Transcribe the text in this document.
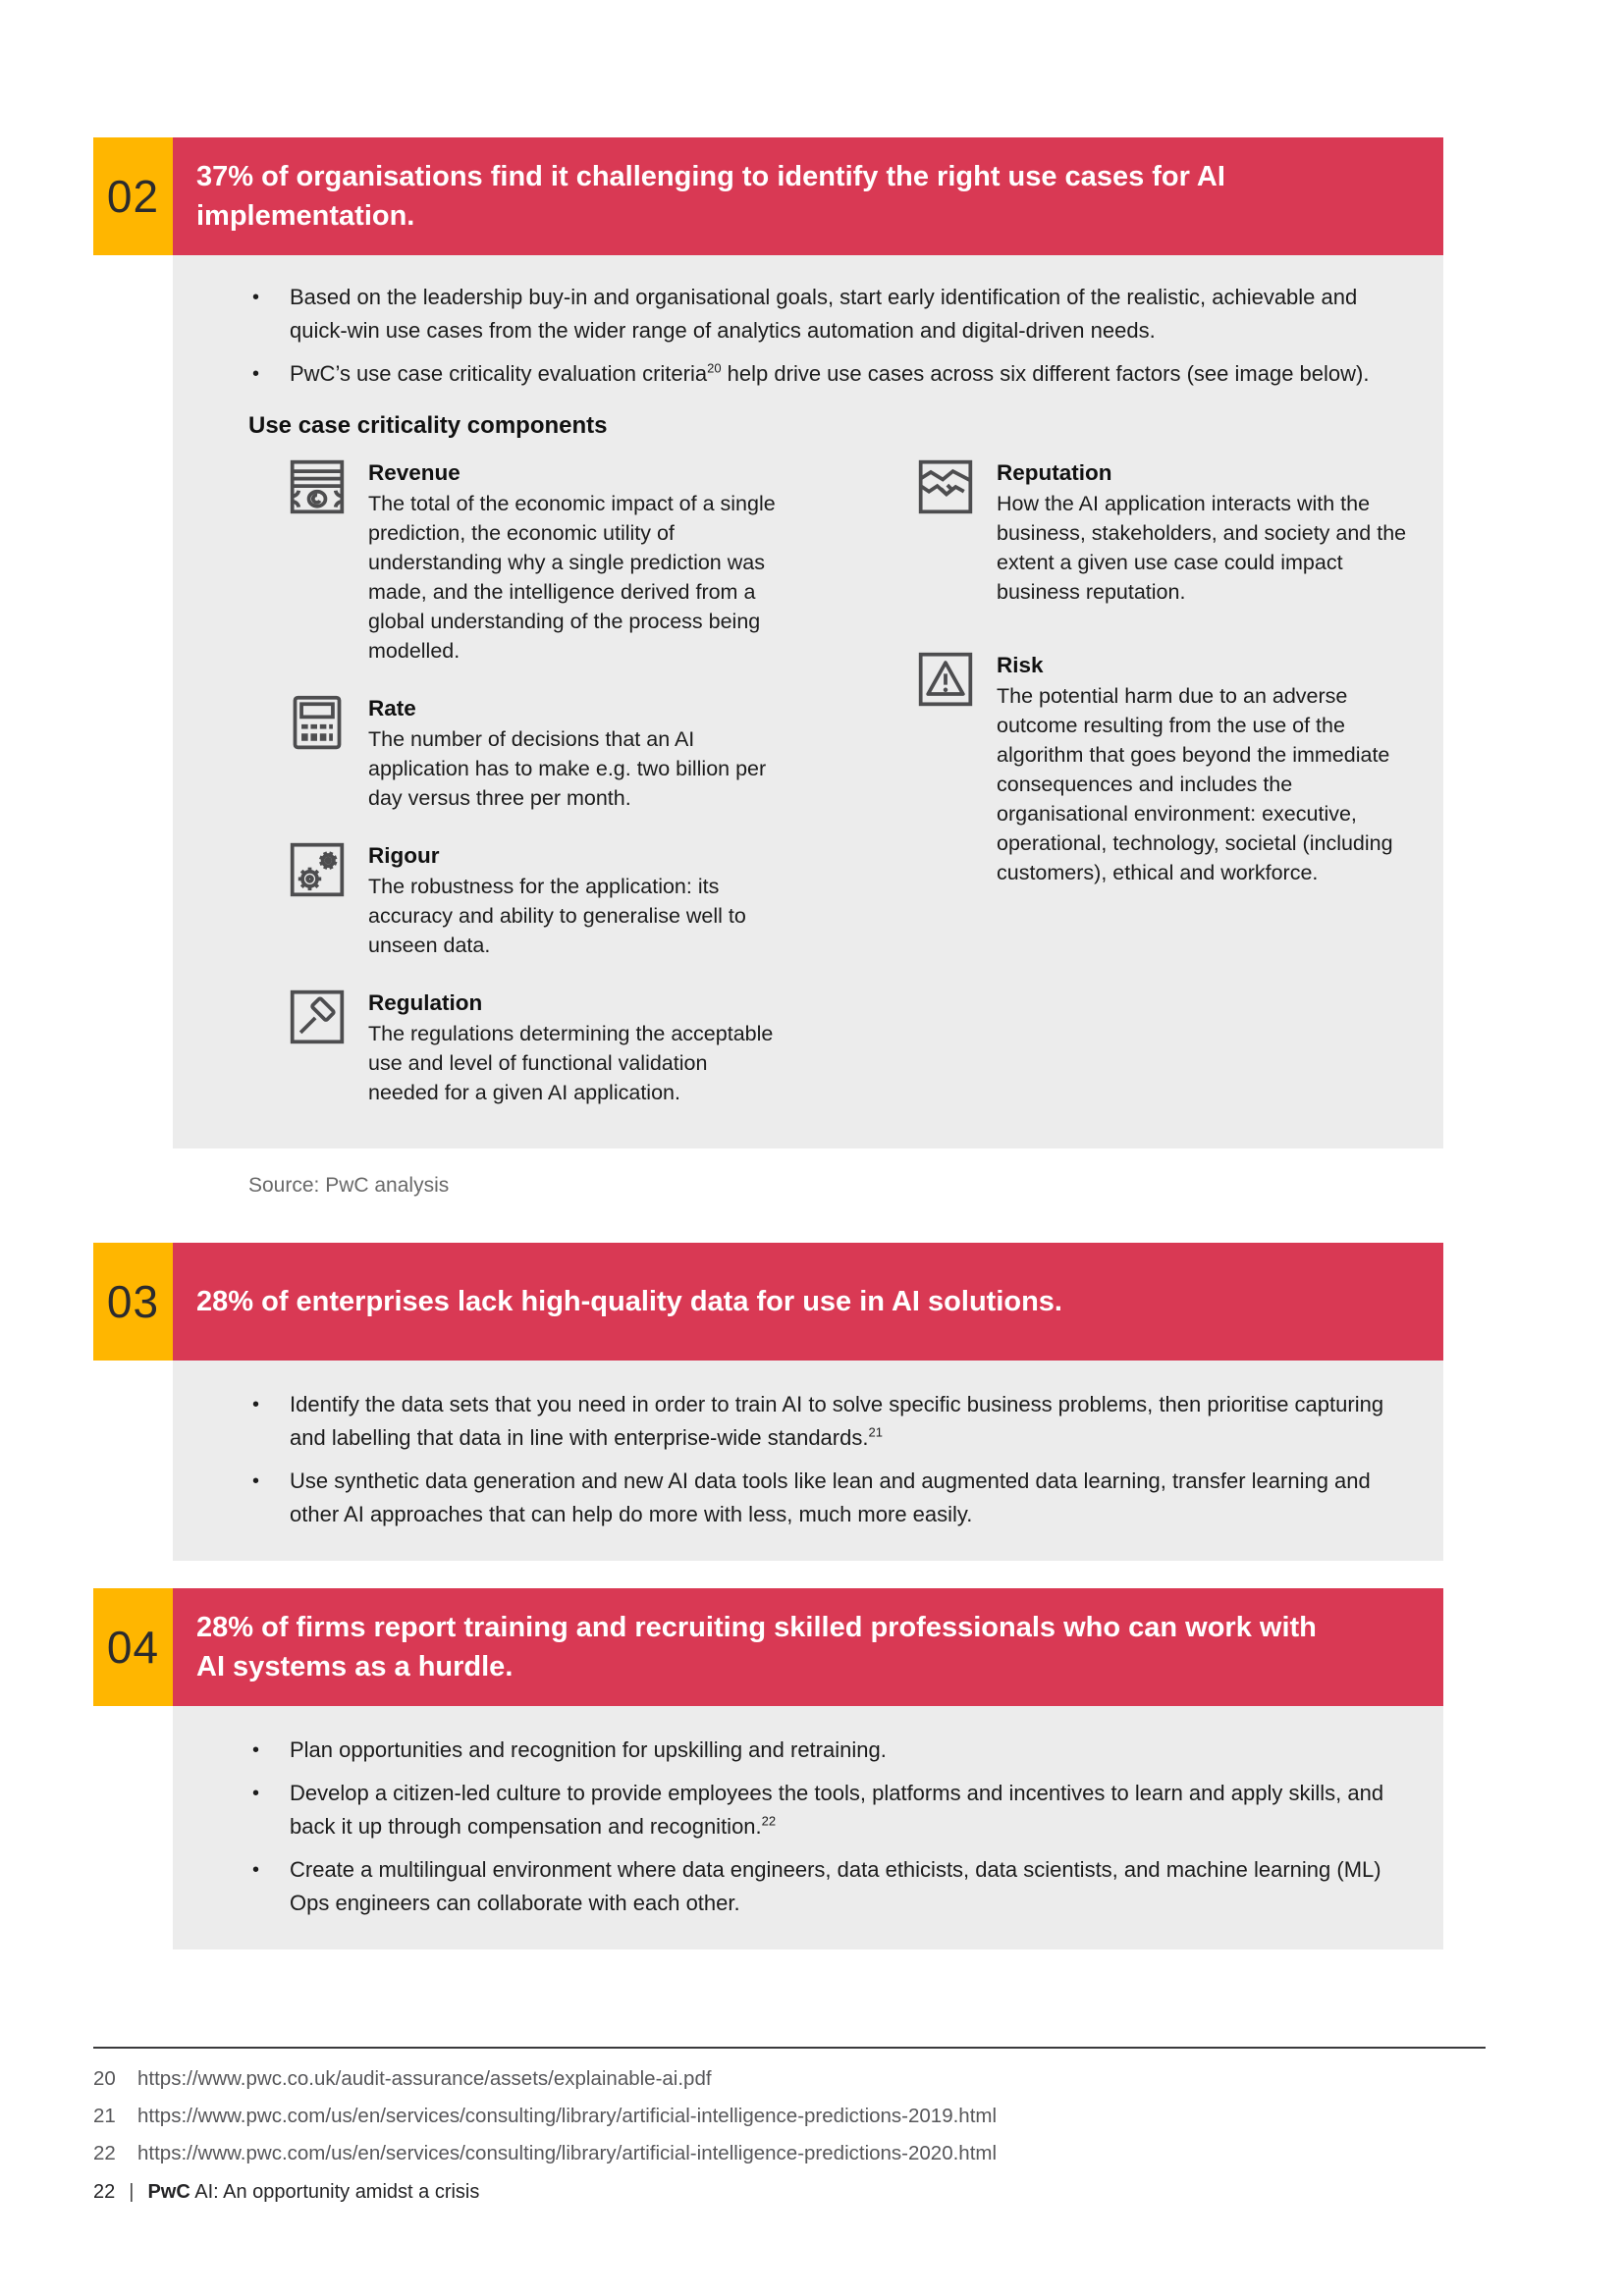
02	37% of organisations find it challenging to identify the right use cases for AI implementation.
• Based on the leadership buy-in and organisational goals, start early identification of the realistic, achievable and quick-win use cases from the wider range of analytics automation and digital-driven needs.
• PwC’s use case criticality evaluation criteria$^{20}$ help drive use cases across six different factors (see image below).
Use case criticality components
Revenue
The total of the economic impact of a single prediction, the economic utility of understanding why a single prediction was made, and the intelligence derived from a global understanding of the process being modelled.
Rate
The number of decisions that an AI application has to make e.g. two billion per day versus three per month.
Rigour
The robustness for the application: its accuracy and ability to generalise well to unseen data.
Regulation
The regulations determining the acceptable use and level of functional validation needed for a given AI application.
Reputation
How the AI application interacts with the business, stakeholders, and society and the extent a given use case could impact business reputation.
Risk
The potential harm due to an adverse outcome resulting from the use of the algorithm that goes beyond the immediate consequences and includes the organisational environment: executive, operational, technology, societal (including customers), ethical and workforce.
Source: PwC analysis
03	28% of enterprises lack high-quality data for use in AI solutions.
• Identify the data sets that you need in order to train AI to solve specific business problems, then prioritise capturing and labelling that data in line with enterprise-wide standards.$^{21}$
• Use synthetic data generation and new AI data tools like lean and augmented data learning, transfer learning and other AI approaches that can help do more with less, much more easily.
04	28% of firms report training and recruiting skilled professionals who can work with AI systems as a hurdle.
• Plan opportunities and recognition for upskilling and retraining.
• Develop a citizen-led culture to provide employees the tools, platforms and incentives to learn and apply skills, and back it up through compensation and recognition.$^{22}$
• Create a multilingual environment where data engineers, data ethicists, data scientists, and machine learning (ML) Ops engineers can collaborate with each other.
20	https://www.pwc.co.uk/audit-assurance/assets/explainable-ai.pdf
21	https://www.pwc.com/us/en/services/consulting/library/artificial-intelligence-predictions-2019.html
22	https://www.pwc.com/us/en/services/consulting/library/artificial-intelligence-predictions-2020.html
22 | PwC AI: An opportunity amidst a crisis
